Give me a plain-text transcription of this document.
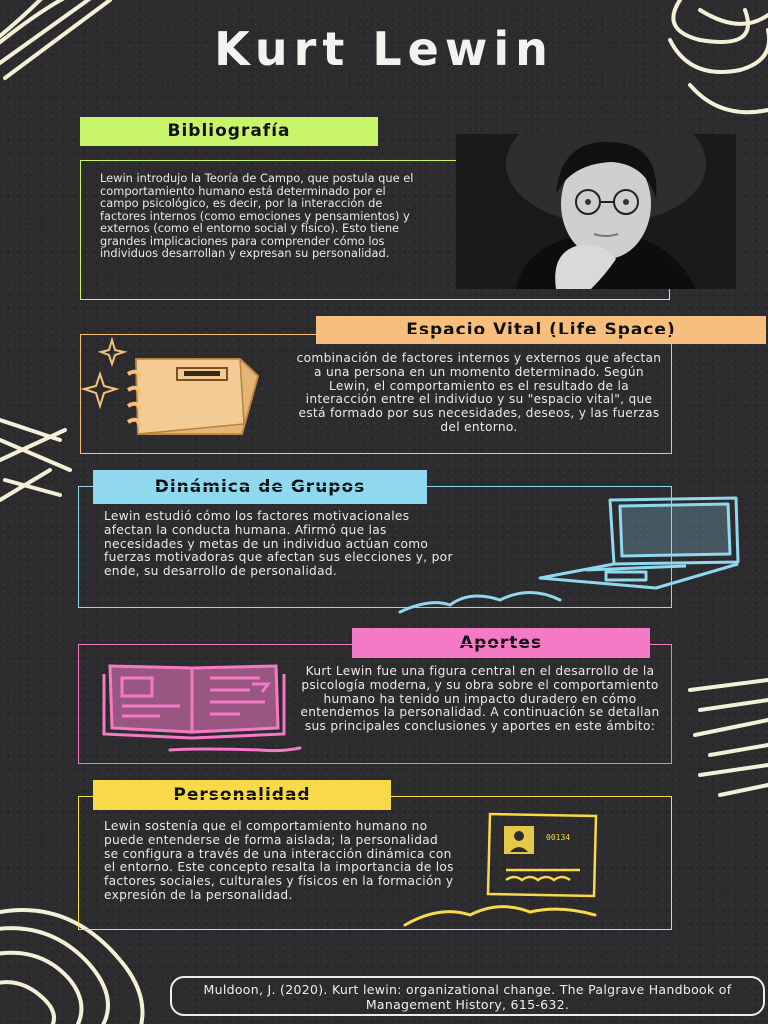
Kurt Lewin
Bibliografía
Lewin introdujo la Teoría de Campo, que postula que el comportamiento humano está determinado por el campo psicológico, es decir, por la interacción de factores internos (como emociones y pensamientos) y externos (como el entorno social y físico). Esto tiene grandes implicaciones para comprender cómo los individuos desarrollan y expresan su personalidad.
Espacio Vital (Life Space)
combinación de factores internos y externos que afectan a una persona en un momento determinado. Según Lewin, el comportamiento es el resultado de la interacción entre el individuo y su "espacio vital", que está formado por sus necesidades, deseos, y las fuerzas del entorno.
Dinámica de Grupos
Lewin estudió cómo los factores motivacionales afectan la conducta humana. Afirmó que las necesidades y metas de un individuo actúan como fuerzas motivadoras que afectan sus elecciones y, por ende, su desarrollo de personalidad.
Aportes
Kurt Lewin fue una figura central en el desarrollo de la psicología moderna, y su obra sobre el comportamiento humano ha tenido un impacto duradero en cómo entendemos la personalidad. A continuación se detallan sus principales conclusiones y aportes en este ámbito:
Personalidad
Lewin sostenía que el comportamiento humano no puede entenderse de forma aislada; la personalidad se configura a través de una interacción dinámica con el entorno. Este concepto resalta la importancia de los factores sociales, culturales y físicos en la formación y expresión de la personalidad.
00134
Muldoon, J. (2020). Kurt lewin: organizational change. The Palgrave Handbook of Management History, 615-632.
